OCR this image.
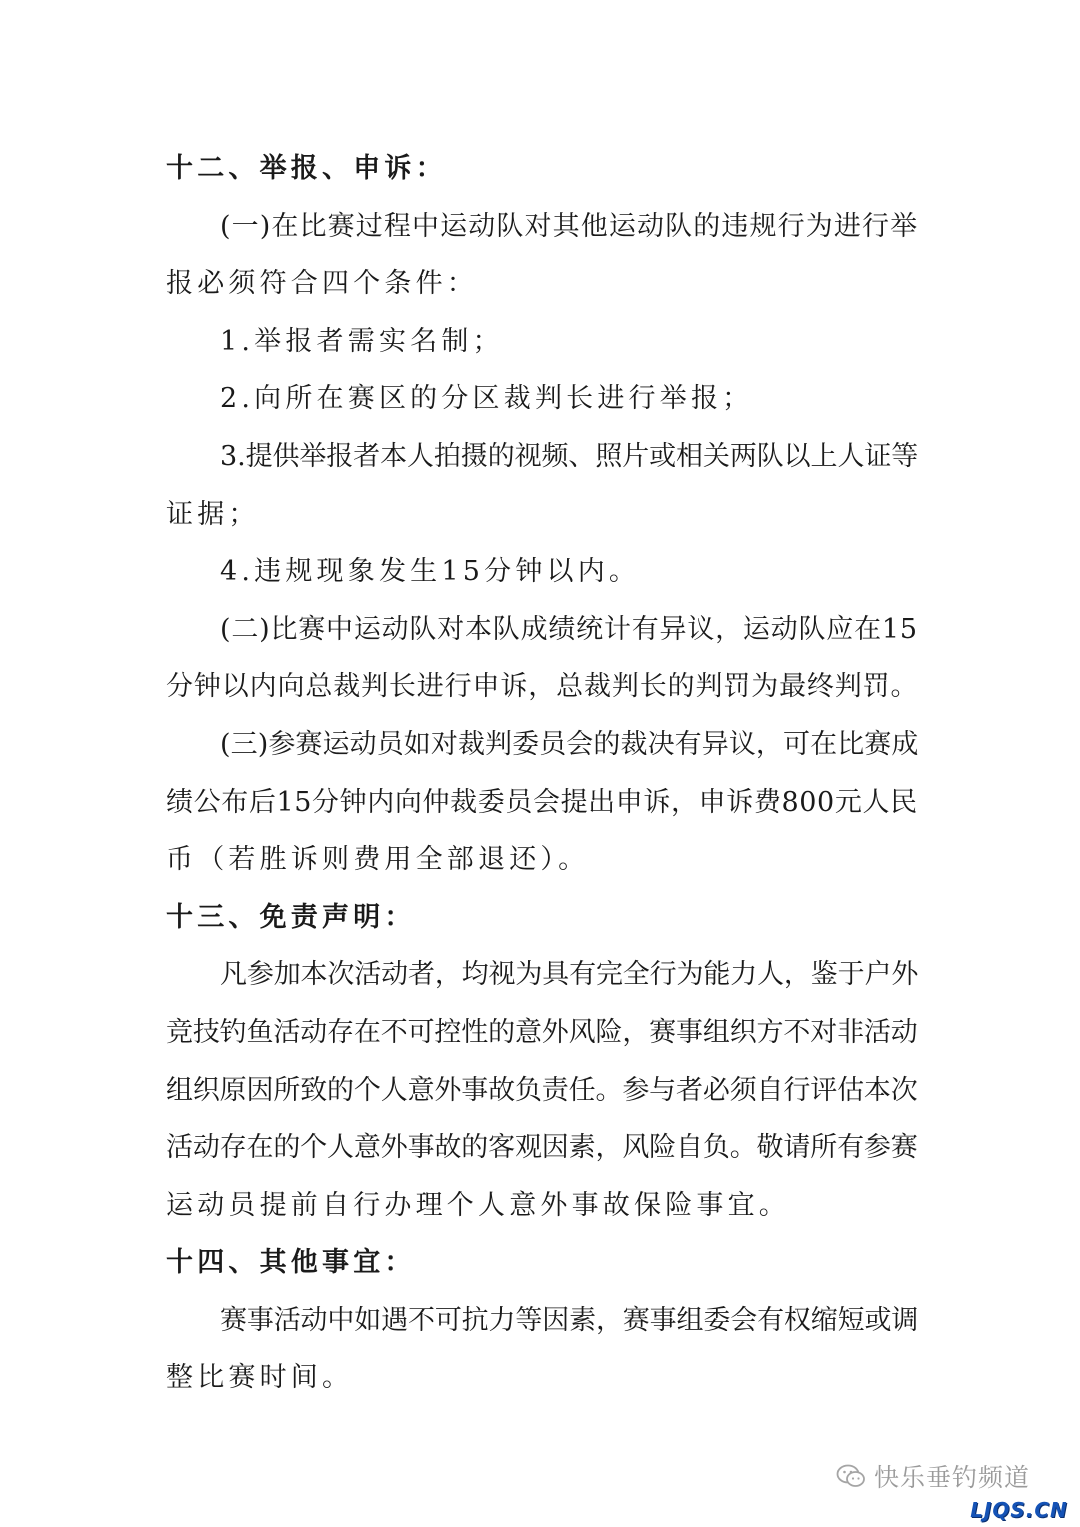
十二、举报、申诉：
(一)在比赛过程中运动队对其他运动队的违规行为进行举
报必须符合四个条件：
1.举报者需实名制；
2.向所在赛区的分区裁判长进行举报；
3.提供举报者本人拍摄的视频、照片或相关两队以上人证等
证据；
4.违规现象发生15分钟以内。
(二)比赛中运动队对本队成绩统计有异议，运动队应在15
分钟以内向总裁判长进行申诉，总裁判长的判罚为最终判罚。
(三)参赛运动员如对裁判委员会的裁决有异议，可在比赛成
绩公布后15分钟内向仲裁委员会提出申诉，申诉费800元人民
币（若胜诉则费用全部退还）。
十三、免责声明：
凡参加本次活动者，均视为具有完全行为能力人，鉴于户外
竞技钓鱼活动存在不可控性的意外风险，赛事组织方不对非活动
组织原因所致的个人意外事故负责任。参与者必须自行评估本次
活动存在的个人意外事故的客观因素，风险自负。敬请所有参赛
运动员提前自行办理个人意外事故保险事宜。
十四、其他事宜：
赛事活动中如遇不可抗力等因素，赛事组委会有权缩短或调
整比赛时间。
快乐垂钓频道
LJQS.CN
